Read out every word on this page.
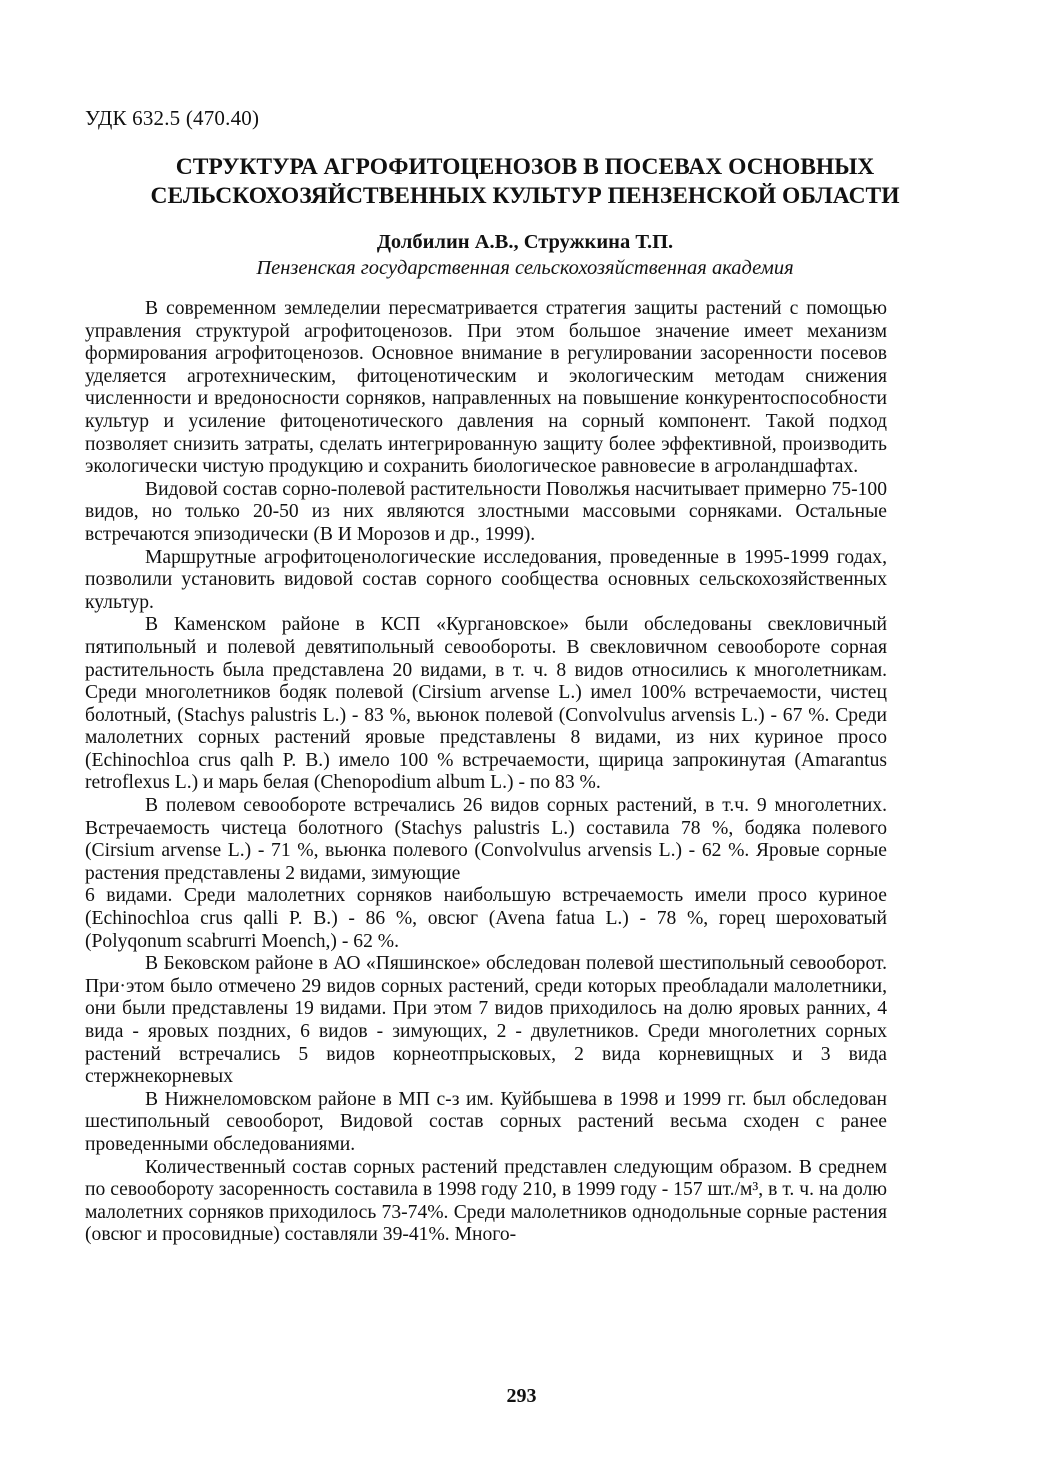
УДК 632.5 (470.40)
СТРУКТУРА АГРОФИТОЦЕНОЗОВ В ПОСЕВАХ ОСНОВНЫХ
СЕЛЬСКОХОЗЯЙСТВЕННЫХ КУЛЬТУР ПЕНЗЕНСКОЙ ОБЛАСТИ
Долбилин А.В., Стружкина Т.П.
Пензенская государственная сельскохозяйственная академия

В современном земледелии пересматривается стратегия защиты растений с помощью управления структурой агрофитоценозов. При этом большое значение имеет механизм формирования агрофитоценозов. Основное внимание в регулировании засоренности посевов уделяется агротехническим, фитоценотическим и экологическим методам снижения численности и вредоносности сорняков, направленных на повышение конкурентоспособности культур и усиление фитоценотического давления на сорный компонент. Такой подход позволяет снизить затраты, сделать интегрированную защиту более эффективной, производить экологически чистую продукцию и сохранить биологическое равновесие в агроландшафтах.

Видовой состав сорно-полевой растительности Поволжья насчитывает примерно 75-100 видов, но только 20-50 из них являются злостными массовыми сорняками. Остальные встречаются эпизодически (В И Морозов и др., 1999).

Маршрутные агрофитоценологические исследования, проведенные в 1995-1999 годах, позволили установить видовой состав сорного сообщества основных сельскохозяйственных культур.

В Каменском районе в КСП «Кургановское» были обследованы свекловичный пятипольный и полевой девятипольный севообороты. В свекловичном севообороте сорная растительность была представлена 20 видами, в т. ч. 8 видов относились к многолетникам. Среди многолетников бодяк полевой (Cirsium arvense L.) имел 100% встречаемости, чистец болотный, (Stachys palustris L.) - 83 %, вьюнок полевой (Convolvulus arvensis L.) - 67 %. Среди малолетних сорных растений яровые представлены 8 видами, из них куриное просо (Echinochloa crus qalh P. B.) имело 100 % встречаемости, щирица запрокинутая (Amarantus retroflexus L.) и марь белая (Chenopodium album L.) - по 83 %.

В полевом севообороте встречались 26 видов сорных растений, в т.ч. 9 многолетних. Встречаемость чистеца болотного (Stachys palustris L.) составила 78 %, бодяка полевого (Cirsium arvense L.) - 71 %, вьюнка полевого (Convolvulus arvensis L.) - 62 %. Яровые сорные растения представлены 2 видами, зимующие

6 видами. Среди малолетних сорняков наибольшую встречаемость имели просо куриное (Echinochloa crus qalli P. B.) - 86 %, овсюг (Avena fatua L.) - 78 %, горец шероховатый (Polyqonum scabrurri Moench,) - 62 %.

В Бековском районе в АО «Пяшинское» обследован полевой шестипольный севооборот. При·этом было отмечено 29 видов сорных растений, среди которых преобладали малолетники, они были представлены 19 видами. При этом 7 видов приходилось на долю яровых ранних, 4 вида - яровых поздних, 6 видов - зимующих, 2 - двулетников. Среди многолетних сорных растений встречались 5 видов корнеотпрысковых, 2 вида корневищных и 3 вида стержнекорневых

В Нижнеломовском районе в МП с-з им. Куйбышева в 1998 и 1999 гг. был обследован шестипольный севооборот, Видовой состав сорных растений весьма сходен с ранее проведенными обследованиями.

Количественный состав сорных растений представлен следующим образом. В среднем по севообороту засоренность составила в 1998 году 210, в 1999 году - 157 шт./м³, в т. ч. на долю малолетних сорняков приходилось 73-74%. Среди малолетников однодольные сорные растения (овсюг и просовидные) составляли 39-41%. Много-

293
